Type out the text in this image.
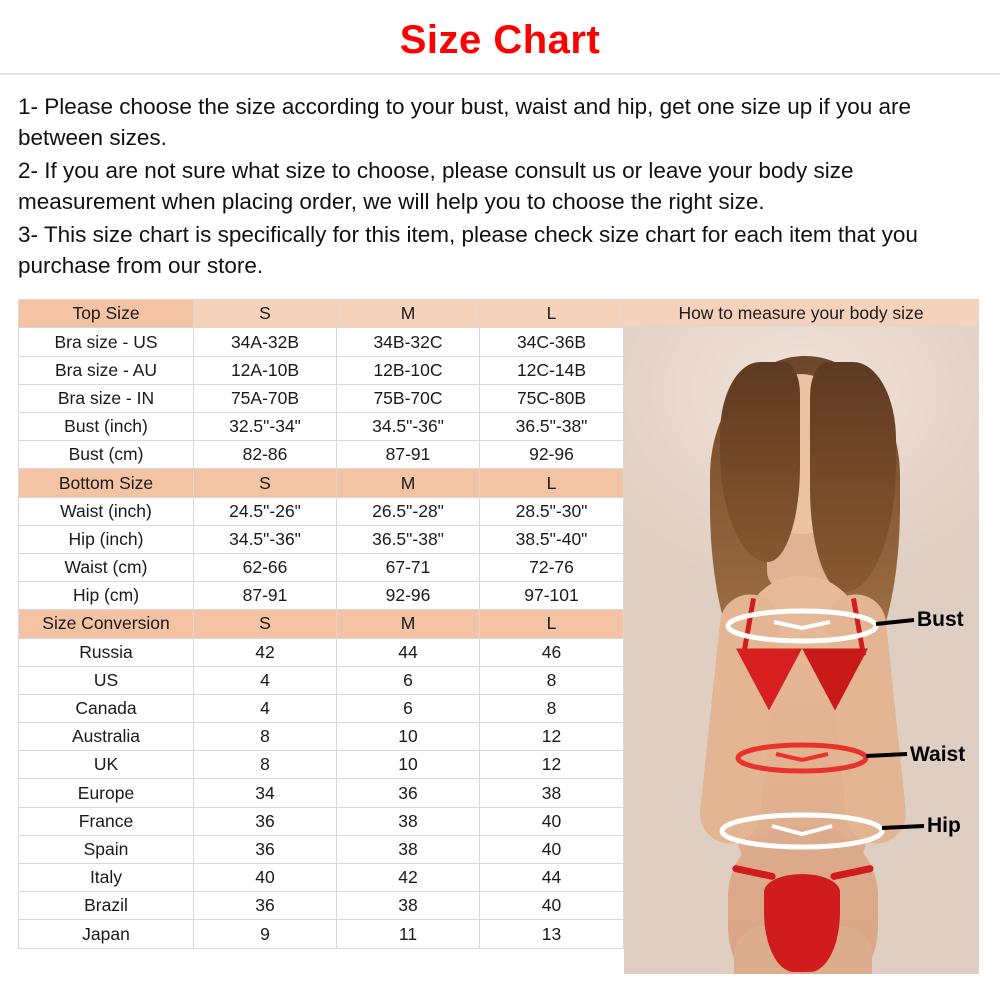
Size Chart

1- Please choose the size according to your bust, waist and hip, get one size up if you are between sizes.

2- If you are not sure what size to choose, please consult us or leave your body size measurement when placing order, we will help you to choose the right size.

3- This size chart is specifically for this item, please check size chart for each item that you purchase from our store.

Top Size	S	M	L
Bra size - US	34A-32B	34B-32C	34C-36B
Bra size - AU	12A-10B	12B-10C	12C-14B
Bra size - IN	75A-70B	75B-70C	75C-80B
Bust (inch)	32.5"-34"	34.5"-36"	36.5"-38"
Bust (cm)	82-86	87-91	92-96
Bottom Size	S	M	L
Waist (inch)	24.5"-26"	26.5"-28"	28.5"-30"
Hip (inch)	34.5"-36"	36.5"-38"	38.5"-40"
Waist (cm)	62-66	67-71	72-76
Hip (cm)	87-91	92-96	97-101
Size Conversion	S	M	L
Russia	42	44	46
US	4	6	8
Canada	4	6	8
Australia	8	10	12
UK	8	10	12
Europe	34	36	38
France	36	38	40
Spain	36	38	40
Italy	40	42	44
Brazil	36	38	40
Japan	9	11	13
How to measure your body size
Bust
Waist
Hip
